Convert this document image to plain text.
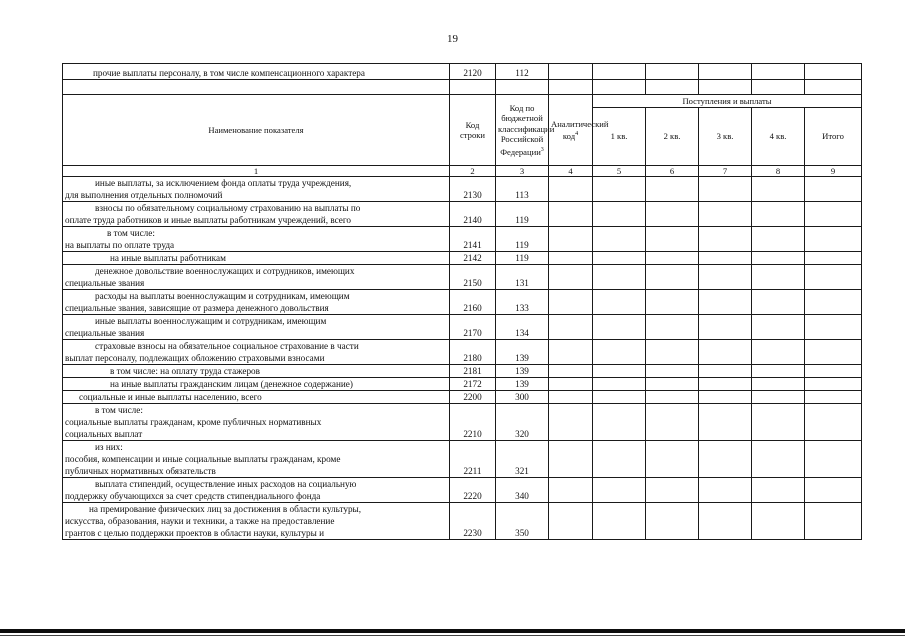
19
прочие выплаты персоналу, в том числе компенсационного характера	2120	112						

Наименование показателя	Код строки	Код по бюджетной классификации Российской Федерации$^3$	Аналитический код$^4$	Поступления и выплаты				
				1 кв.	2 кв.	3 кв.	4 кв.	Итого
1	2	3	4	5	6	7	8	9

иные выплаты, за исключением фонда оплаты труда учреждения,
для выполнения отдельных полномочий	2130	113						

взносы по обязательному социальному страхованию на выплаты по
оплате труда работников и иные выплаты работникам учреждений, всего	2140	119						

в том числе:
на выплаты по оплате труда	2141	119						

на иные выплаты работникам	2142	119						

денежное довольствие военнослужащих и сотрудников, имеющих
специальные звания	2150	131						

расходы на выплаты военнослужащим и сотрудникам, имеющим
специальные звания, зависящие от размера денежного довольствия	2160	133						

иные выплаты военнослужащим и сотрудникам, имеющим
специальные звания	2170	134						

страховые взносы на обязательное социальное страхование в части
выплат персоналу, подлежащих обложению страховыми взносами	2180	139						

в том числе: на оплату труда стажеров	2181	139						

на иные выплаты гражданским лицам (денежное содержание)	2172	139						

социальные и иные выплаты населению, всего	2200	300						

в том числе:
социальные выплаты гражданам, кроме публичных нормативных
социальных выплат	2210	320						

из них:
пособия, компенсации и иные социальные выплаты гражданам, кроме
публичных нормативных обязательств	2211	321						

выплата стипендий, осуществление иных расходов на социальную
поддержку обучающихся за счет средств стипендиального фонда	2220	340						

на премирование физических лиц за достижения в области культуры,
искусства, образования, науки и техники, а также на предоставление
грантов с целью поддержки проектов в области науки, культуры и	2230	350						
